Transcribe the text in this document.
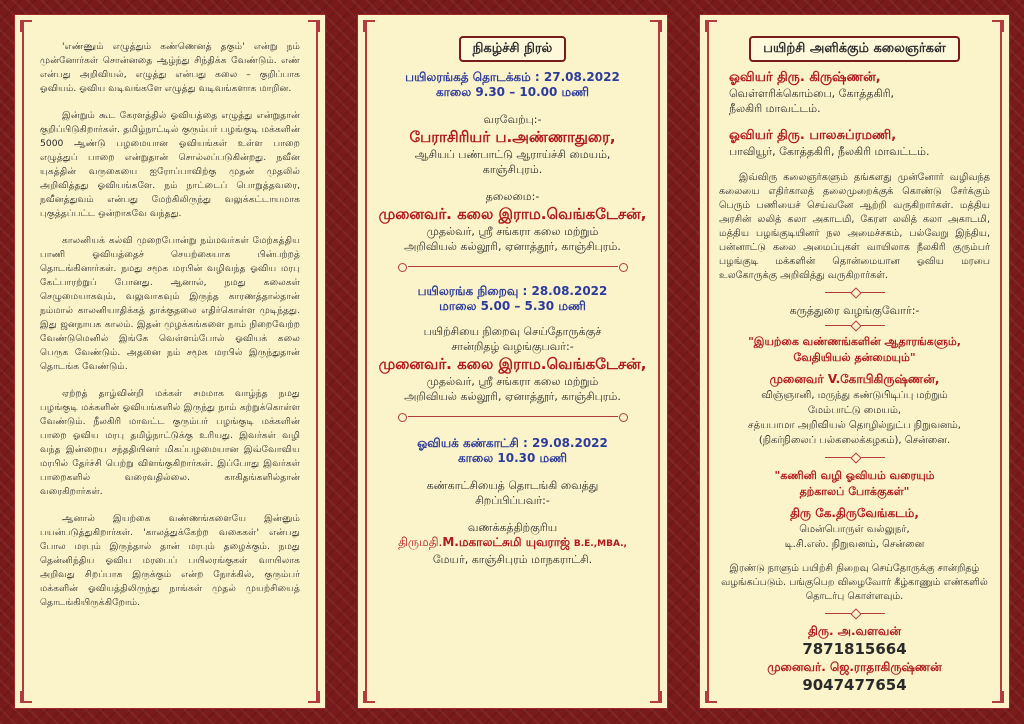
'எண்ணும் எழுத்தும் கண்ணெனத் தகும்' என்று நம் முன்னோர்கள் சொன்னதை ஆழ்ந்து சிந்திக்க வேண்டும். எண் என்பது அறிவியல், எழுத்து என்பது கலை – குறிப்பாக ஓவியம். ஓவிய வடிவங்களே எழுத்து வடிவங்களாக மாறின.

இன்றும் கூட கேரளத்தில் ஓவியத்தை எழுத்து என்றுதான் குறிப்பிடுகிறார்கள். தமிழ்நாட்டில் குரும்பர் பழங்குடி மக்களின் 5000 ஆண்டு பழமையான ஓவியங்கள் உள்ள பாறை எழுத்துப் பாறை என்றுதான் சொல்லப்படுகின்றது. நவீன யுகத்தின் வருகையை ஐரோப்பாவிற்கு முதன் முதலில் அறிவித்தது ஓவியங்களே. நம் நாட்டைப் பொறுத்தவரை, நவீனத்துவம் என்பது மேற்கிலிருந்து வலுக்கட்டாயமாக புகுத்தப்பட்ட ஒன்றாகவே வந்தது.

காலனியக் கல்வி முறைபோன்று நம்மவர்கள் மேற்கத்திய பாணி ஓவியத்தைச் செயற்கையாக பின்பற்றத் தொடங்கினார்கள். நமது சமூக மரபின் வழிவந்த ஓவிய மரபு கேட்பாரற்றுப் போனது. ஆனால், நமது கலைகள் செழுமையாகவும், வலுவாகவும் இருந்த காரணத்தால்தான் நம்மால் காலனியாதிக்கத் தாக்குதலை எதிர்கொள்ள முடிந்தது. இது ஜனநாயக காலம். இதன் முழக்கங்களை நாம் நிறைவேற்ற வேண்டுமெனில் இங்கே வெள்ளம்போல் ஓவியக் கலை பெருக வேண்டும். அதனை நம் சமூக மரபில் இருந்துதான் தொடங்க வேண்டும்.

ஏற்றத் தாழ்வின்றி மக்கள் சமமாக வாழ்ந்த நமது பழங்குடி மக்களின் ஓவியங்களில் இருந்து நாம் கற்றுக்கொள்ள வேண்டும். நீலகிரி மாவட்ட குரும்பர் பழங்குடி மக்களின் பாறை ஓவிய மரபு தமிழ்நாட்டுக்கு உரியது. இவர்கள் வழி வந்த இன்றைய சந்ததியினர் மிகப்பழமையான இவ்வோவிய மரபில் தேர்ச்சி பெற்று விளங்குகிறார்கள். இப்போது இவர்கள் பாறைகளில் வரைவதில்லை. காகிதங்களில்தான் வரைகிறார்கள்.

ஆனால் இயற்கை வண்ணங்களையே இன்னும் பயன்படுத்துகிறார்கள். 'காலத்துக்கேற்ற வகைகள்' என்பது போல மரபும் இருந்தால் தான் மரபும் தழைக்கும். நமது தென்னிந்திய ஓவிய மரபைப் பயிலரங்குகள் வாயிலாக அறிவது சிறப்பாக இருக்கும் என்ற நோக்கில், குரும்பர் மக்களின் ஓவியத்திலிருந்து நாங்கள் முதல் முயற்சியைத் தொடங்கியிருக்கிறோம்.

நிகழ்ச்சி நிரல்
பயிலரங்கத் தொடக்கம் : 27.08.2022
காலை 9.30 – 10.00 மணி
வரவேற்பு:-
பேராசிரியர் ப.அண்ணாதுரை,
ஆசியப் பண்பாட்டு ஆராய்ச்சி மையம்,
காஞ்சிபுரம்.
தலைமை:-
முனைவர். கலை இராம.வெங்கடேசன்,
முதல்வர், ஸ்ரீ சங்கரா கலை மற்றும்
அறிவியல் கல்லூரி, ஏனாத்தூர், காஞ்சிபுரம்.
பயிலரங்க நிறைவு : 28.08.2022
மாலை 5.00 – 5.30 மணி
பயிற்சியை நிறைவு செய்தோருக்குச்
சான்றிதழ் வழங்குபவர்:-
முனைவர். கலை இராம.வெங்கடேசன்,
முதல்வர், ஸ்ரீ சங்கரா கலை மற்றும்
அறிவியல் கல்லூரி, ஏனாத்தூர், காஞ்சிபுரம்.
ஓவியக் கண்காட்சி : 29.08.2022
காலை 10.30 மணி
கண்காட்சியைத் தொடங்கி வைத்து
சிறப்பிப்பவர்:-
வணக்கத்திற்குரிய
திருமதி.M.மகாலட்சுமி யுவராஜ் B.E.,MBA.,
மேயர், காஞ்சிபுரம் மாநகராட்சி.
பயிற்சி அளிக்கும் கலைஞர்கள்
ஓவியர் திரு. கிருஷ்ணன்,
வெள்ளரிக்கொம்பை, கோத்தகிரி,
நீலகிரி மாவட்டம்.
ஓவியர் திரு. பாலசுப்ரமணி,
பாவியூர், கோத்தகிரி, நீலகிரி மாவட்டம்.

இவ்விரு கலைஞர்களும் தங்களது முன்னோர் வழிவந்த கலையை எதிர்காலத் தலைமுறைக்குக் கொண்டு சேர்க்கும் பெரும் பணியைச் செய்வனே ஆற்றி வருகிறார்கள். மத்திய அரசின் லலித் கலா அகாடமி, கேரள லலித் கலா அகாடமி, மத்திய பழங்குடியினர் நல அமைச்சகம், பல்வேறு இந்திய, பன்னாட்டு கலை அமைப்புகள் வாயிலாக நீலகிரி குரும்பர் பழங்குடி மக்களின் தொன்மையான ஓவிய மரபை உலகோருக்கு அறிவித்து வருகிறார்கள்.

கருத்துரை வழங்குவோர்:-
"இயற்கை வண்ணங்களின் ஆதாரங்களும்,
வேதியியல் தன்மையும்"
முனைவர் V.கோபிகிருஷ்ணன்,
விஞ்ஞானி, மருந்து கண்டுபிடிப்பு மற்றும்
மேம்பாட்டு மையம்,
சத்யபாமா அறிவியல் தொழில்நுட்ப நிறுவனம்,
(நிகர்நிலைப் பல்கலைக்கழகம்), சென்னை.
"கணினி வழி ஓவியம் வரையும்
தற்காலப் போக்குகள்"
திரு கே.திருவேங்கடம்,
மென்பொருள் வல்லுநர்,
டி.சி.எஸ். நிறுவனம், சென்னை

இரண்டு நாளும் பயிற்சி நிறைவு செய்தோருக்கு சான்றிதழ் வழங்கப்படும். பங்குபெற விழைவோர் கீழ்காணும் எண்களில் தொடர்பு கொள்ளவும்.

திரு. அ.வளவன்
7871815664
முனைவர். ஜெ.ராதாகிருஷ்ணன்
9047477654
